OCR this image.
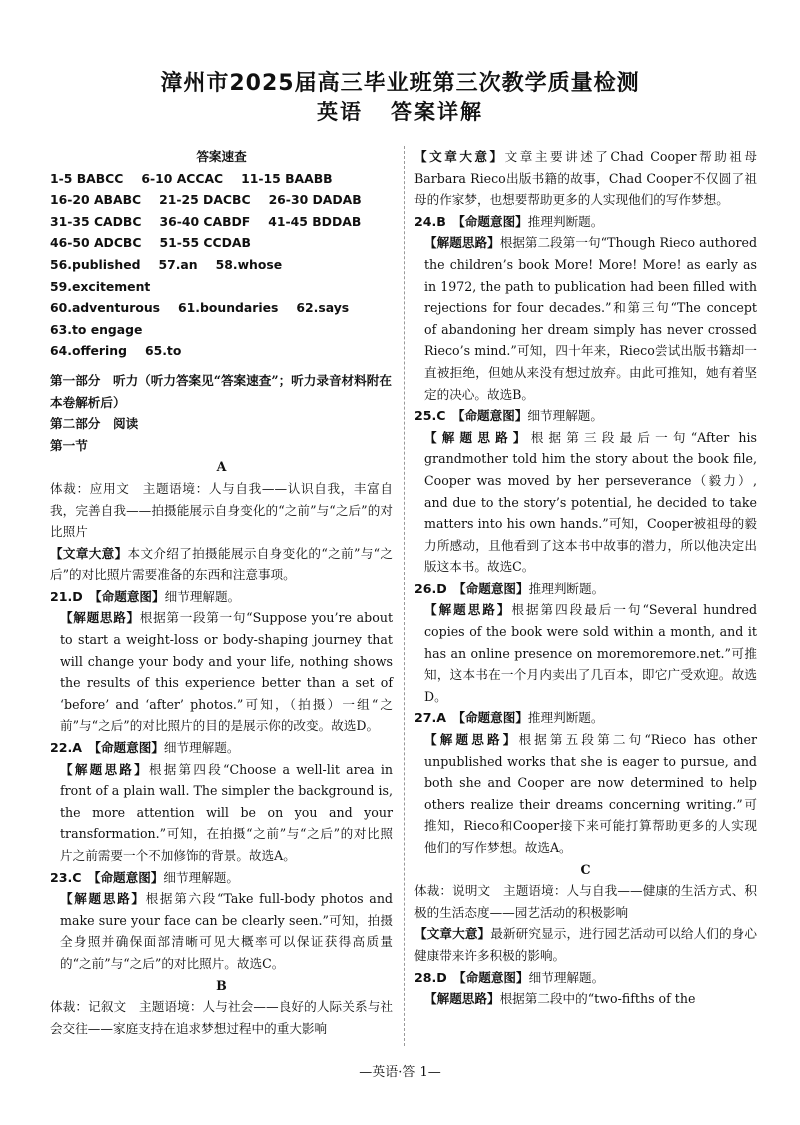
漳州市2025届高三毕业班第三次教学质量检测
英语 答案详解
答案速查
1-5 BABCC 6-10 ACCAC 11-15 BAABB
16-20 ABABC 21-25 DACBC 26-30 DADAB
31-35 CADBC 36-40 CABDF 41-45 BDDAB
46-50 ADCBC 51-55 CCDAB
56.published 57.an 58.whose
59.excitement
60.adventurous 61.boundaries 62.says
63.to engage
64.offering 65.to
第一部分　听力（听力答案见“答案速查”；听力录音材料附在本卷解析后）
第二部分　阅读
第一节
A
体裁：应用文　主题语境：人与自我——认识自我，丰富自我，完善自我——拍摄能展示自身变化的“之前”与“之后”的对比照片
【文章大意】本文介绍了拍摄能展示自身变化的“之前”与“之后”的对比照片需要准备的东西和注意事项。
21.D　 【命题意图】细节理解题。
【解题思路】根据第一段第一句“Suppose you’re about to start a weight-loss or body-shaping journey that will change your body and your life, nothing shows the results of this experience better than a set of ‘before’ and ‘after’ photos.”可知，（拍摄）一组“之前”与“之后”的对比照片的目的是展示你的改变。故选D。
22.A　 【命题意图】细节理解题。
【解题思路】根据第四段“Choose a well-lit area in front of a plain wall. The simpler the background is, the more attention will be on you and your transformation.”可知，在拍摄“之前”与“之后”的对比照片之前需要一个不加修饰的背景。故选A。
23.C　 【命题意图】细节理解题。
【解题思路】根据第六段“Take full-body photos and make sure your face can be clearly seen.”可知，拍摄全身照并确保面部清晰可见大概率可以保证获得高质量的“之前”与“之后”的对比照片。故选C。
B
体裁：记叙文　主题语境：人与社会——良好的人际关系与社会交往——家庭支持在追求梦想过程中的重大影响
【文章大意】文章主要讲述了Chad Cooper帮助祖母Barbara Rieco出版书籍的故事，Chad Cooper不仅圆了祖母的作家梦，也想要帮助更多的人实现他们的写作梦想。
24.B　 【命题意图】推理判断题。
【解题思路】根据第二段第一句“Though Rieco authored the children’s book More! More! More! as early as in 1972, the path to publication had been filled with rejections for four decades.”和第三句“The concept of abandoning her dream simply has never crossed Rieco’s mind.”可知，四十年来，Rieco尝试出版书籍却一直被拒绝，但她从来没有想过放弃。由此可推知，她有着坚定的决心。故选B。
25.C　 【命题意图】细节理解题。
【解题思路】根据第三段最后一句“After his grandmother told him the story about the book file, Cooper was moved by her perseverance（毅力）, and due to the story’s potential, he decided to take matters into his own hands.”可知，Cooper被祖母的毅力所感动，且他看到了这本书中故事的潜力，所以他决定出版这本书。故选C。
26.D　 【命题意图】推理判断题。
【解题思路】根据第四段最后一句“Several hundred copies of the book were sold within a month, and it has an online presence on moremoremore.net.”可推知，这本书在一个月内卖出了几百本，即它广受欢迎。故选D。
27.A　 【命题意图】推理判断题。
【解题思路】根据第五段第二句“Rieco has other unpublished works that she is eager to pursue, and both she and Cooper are now determined to help others realize their dreams concerning writing.”可推知，Rieco和Cooper接下来可能打算帮助更多的人实现他们的写作梦想。故选A。
C
体裁：说明文　主题语境：人与自我——健康的生活方式、积极的生活态度——园艺活动的积极影响
【文章大意】最新研究显示，进行园艺活动可以给人们的身心健康带来许多积极的影响。
28.D　 【命题意图】细节理解题。
【解题思路】根据第二段中的“two-fifths of the
—英语·答 1—
